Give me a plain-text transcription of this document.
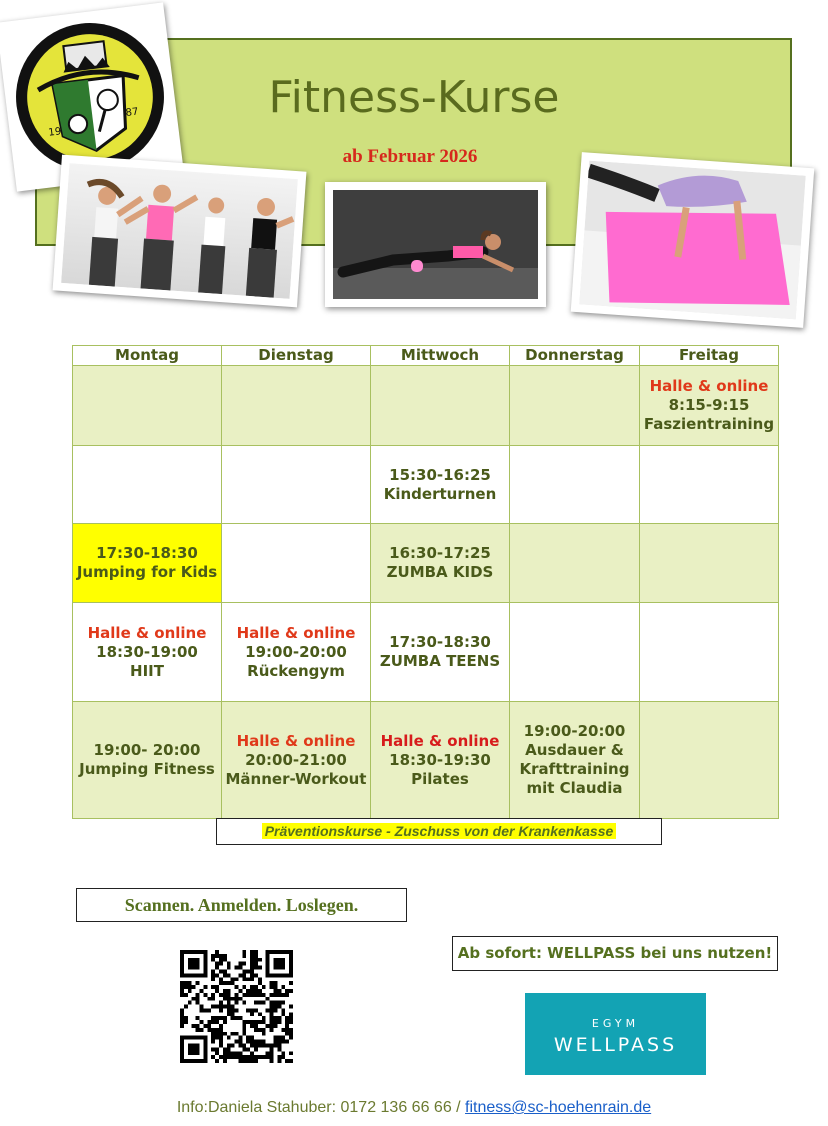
Fitness-Kurse
ab Februar 2026
19
87
Montag	Dienstag	Mittwoch	Donnerstag	Freitag

				Halle & online
8:15-9:15
Faszientraining

		15:30-16:25
Kinderturnen		

17:30-18:30
Jumping for Kids		16:30-17:25
ZUMBA KIDS		

Halle & online
18:30-19:00
HIIT	Halle & online
19:00-20:00
Rückengym	17:30-18:30
ZUMBA TEENS		

19:00- 20:00
Jumping Fitness	Halle & online
20:00-21:00
Männer-Workout	Halle & online
18:30-19:30
Pilates	19:00-20:00
Ausdauer &
Krafttraining
mit Claudia	

Präventionskurse - Zuschuss von der Krankenkasse
Scannen. Anmelden. Loslegen.
Ab sofort: WELLPASS bei uns nutzen!
EGYM
WELLPASS
Info:Daniela Stahuber: 0172 136 66 66 / fitness@sc-hoehenrain.de
